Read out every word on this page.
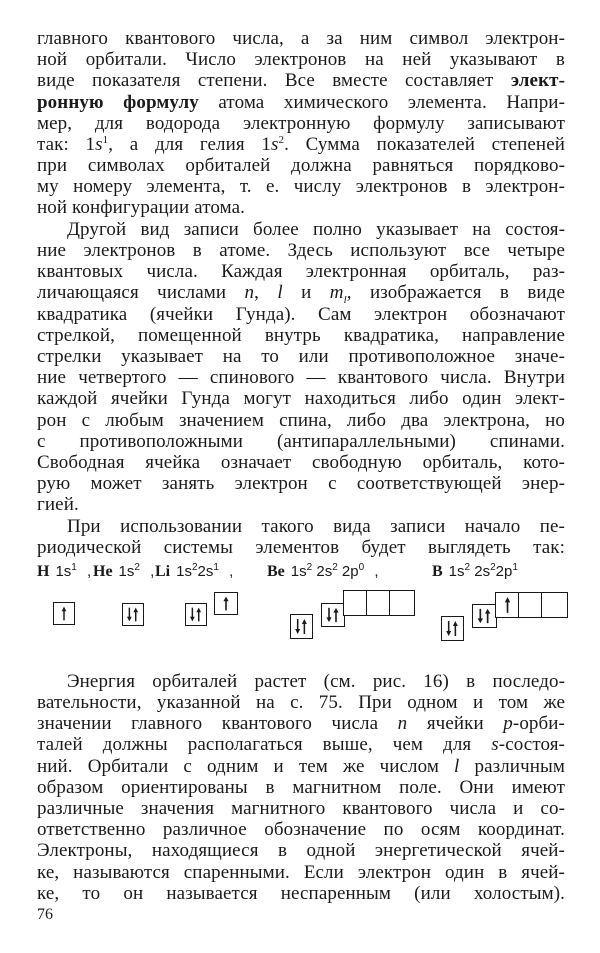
главного квантового числа, а за ним символ электрон-
ной орбитали. Число электронов на ней указывают в
виде показателя степени. Все вместе составляет элект-
ронную формулу атома химического элемента. Напри-
мер, для водорода электронную формулу записывают
так: $1s^1$, а для гелия $1s^2$. Сумма показателей степеней
при символах орбиталей должна равняться порядково-
му номеру элемента, т. е. числу электронов в электрон-
ной конфигурации атома.
Другой вид записи более полно указывает на состоя-
ние электронов в атоме. Здесь используют все четыре
квантовых числа. Каждая электронная орбиталь, раз-
личающаяся числами n, l и $m_l$, изображается в виде
квадратика (ячейки Гунда). Сам электрон обозначают
стрелкой, помещенной внутрь квадратика, направление
стрелки указывает на то или противоположное значе-
ние четвертого — спинового — квантового числа. Внутри
каждой ячейки Гунда могут находиться либо один элект-
рон с любым значением спина, либо два электрона, но
с противоположными (антипараллельными) спинами.
Свободная ячейка означает свободную орбиталь, кото-
рую может занять электрон с соответствующей энер-
гией.
При использовании такого вида записи начало пе-
риодической системы элементов будет выглядеть так:
H $1s^1$ , He $1s^2$ , Li $1s^22s^1$ , Be $1s^2$ $2s^2$ $2p^0$ ,	B $1s^2$ $2s^22p^1$
Энергия орбиталей растет (см. рис. 16) в последо-
вательности, указанной на с. 75. При одном и том же
значении главного квантового числа n ячейки p-орби-
талей должны располагаться выше, чем для s-состоя-
ний. Орбитали с одним и тем же числом l различным
образом ориентированы в магнитном поле. Они имеют
различные значения магнитного квантового числа и со-
ответственно различное обозначение по осям координат.
Электроны, находящиеся в одной энергетической ячей-
ке, называются спаренными. Если электрон один в ячей-
ке, то он называется неспаренным (или холостым).
76
